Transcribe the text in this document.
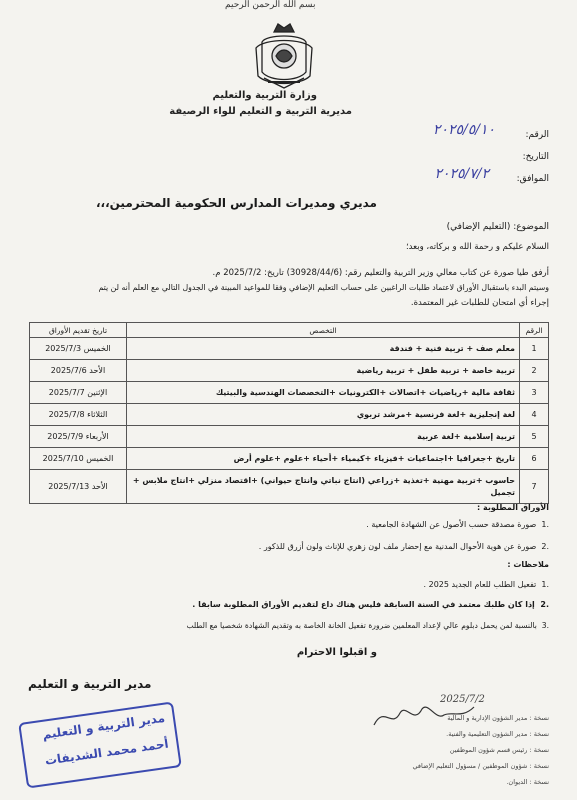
بسم الله الرحمن الرحيم
وزارة التربية والتعليم
مديرية التربية و التعليم للواء الرصيفة
الرقم:
٢٠٢٥/٥/١٠
التاريخ:
الموافق:
٢٠٢٥/٧/٢
مديري ومديرات المدارس الحكومية المحترمين،،،
الموضوع: (التعليم الإضافي)
السلام عليكم و رحمة الله و بركاته، وبعد؛
أرفق طيا صورة عن كتاب معالي وزير التربية والتعليم رقم: (30928/44/6) تاريخ: 2025/7/2 م.
وسيتم البدء باستقبال الأوراق لاعتماد طلبات الراغبين على حساب التعليم الإضافي وفقا للمواعيد المبينة في الجدول التالي مع العلم أنه لن يتم
إجراء أي امتحان للطلبات غير المعتمدة.
الرقم	التخصص	تاريخ تقديم الأوراق
1	معلم صف + تربية فنية + فندقة	الخميس 2025/7/3
2	تربية خاصة + تربية طفل + تربية رياضية	الأحد 2025/7/6
3	ثقافة مالية +رياضيات +اتصالات +الكترونيات +التخصصات الهندسية والبيتيك	الإثنين 2025/7/7
4	لغة إنجليزية +لغة فرنسية +مرشد تربوي	الثلاثاء 2025/7/8
5	تربية إسلامية +لغة عربية	الأربعاء 2025/7/9
6	تاريخ +جغرافيا +اجتماعيات +فيزياء +كيمياء +أحياء +علوم +علوم أرض	الخميس 2025/7/10
7	حاسوب +تربية مهنية +تغذية +زراعي (انتاج نباتي وانتاج حيواني) +اقتصاد منزلي +انتاج ملابس + تجميل	الأحد 2025/7/13
الأوراق المطلوبة :
.1  صورة مصدقة حسب الأصول عن الشهادة الجامعية .
.2  صورة عن هوية الأحوال المدنية مع إحضار ملف لون زهري للإناث ولون أزرق للذكور .
ملاحظات :
.1  تفعيل الطلب للعام الجديد 2025 .
.2  إذا كان طلبك معتمد في السنة السابقة فليس هناك داع لتقديم الأوراق المطلوبة سابقا .
.3  بالنسبة لمن يحمل دبلوم عالي لإعداد المعلمين ضرورة تفعيل الخانة الخاصة به وتقديم الشهادة شخصيا مع الطلب
و اقبلوا الاحترام
مدير التربية و التعليم
مدير التربية و التعليم
أحمد محمد الشديفات
2025/7/2
نسخة : مدير الشؤون الإدارية و المالية
نسخة : مدير الشؤون التعليمية والفنية.
نسخة : رئيس قسم شؤون الموظفين
نسخة : شؤون الموظفين / مسؤول التعليم الإضافي
نسخة : الديوان.
